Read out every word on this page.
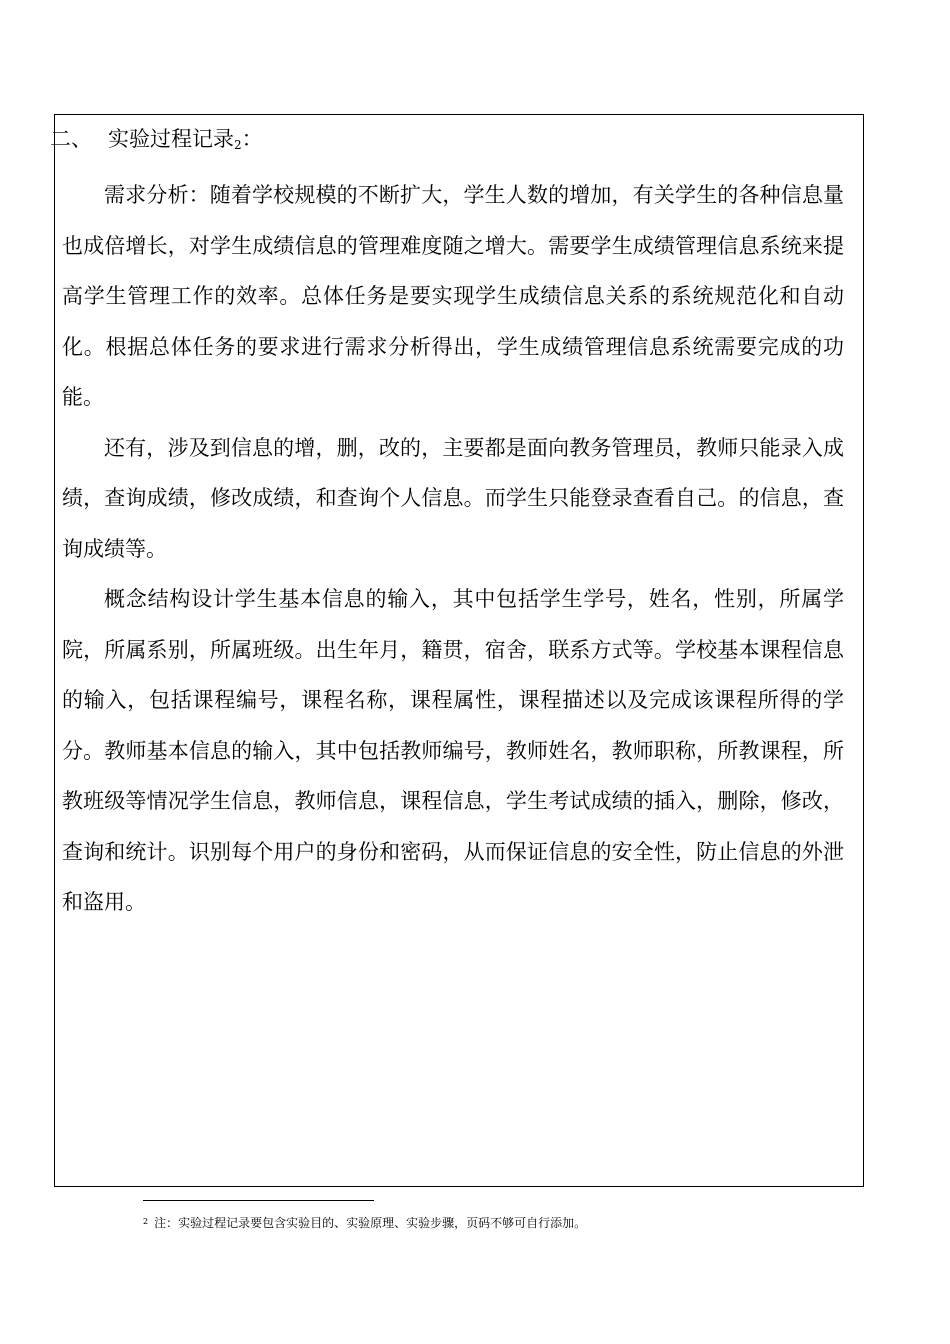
二、 实验过程记录$_2$：

需求分析：随着学校规模的不断扩大，学生人数的增加，有关学生的各种信息量也成倍增长，对学生成绩信息的管理难度随之增大。需要学生成绩管理信息系统来提高学生管理工作的效率。总体任务是要实现学生成绩信息关系的系统规范化和自动化。根据总体任务的要求进行需求分析得出，学生成绩管理信息系统需要完成的功能。

还有，涉及到信息的增，删，改的，主要都是面向教务管理员，教师只能录入成绩，查询成绩，修改成绩，和查询个人信息。而学生只能登录查看自己。的信息，查询成绩等。

概念结构设计学生基本信息的输入，其中包括学生学号，姓名，性别，所属学院，所属系别，所属班级。出生年月，籍贯，宿舍，联系方式等。学校基本课程信息的输入，包括课程编号，课程名称，课程属性，课程描述以及完成该课程所得的学分。教师基本信息的输入，其中包括教师编号，教师姓名，教师职称，所教课程，所教班级等情况学生信息，教师信息，课程信息，学生考试成绩的插入，删除，修改，查询和统计。识别每个用户的身份和密码，从而保证信息的安全性，防止信息的外泄和盗用。

$^2$ 注：实验过程记录要包含实验目的、实验原理、实验步骤，页码不够可自行添加。
